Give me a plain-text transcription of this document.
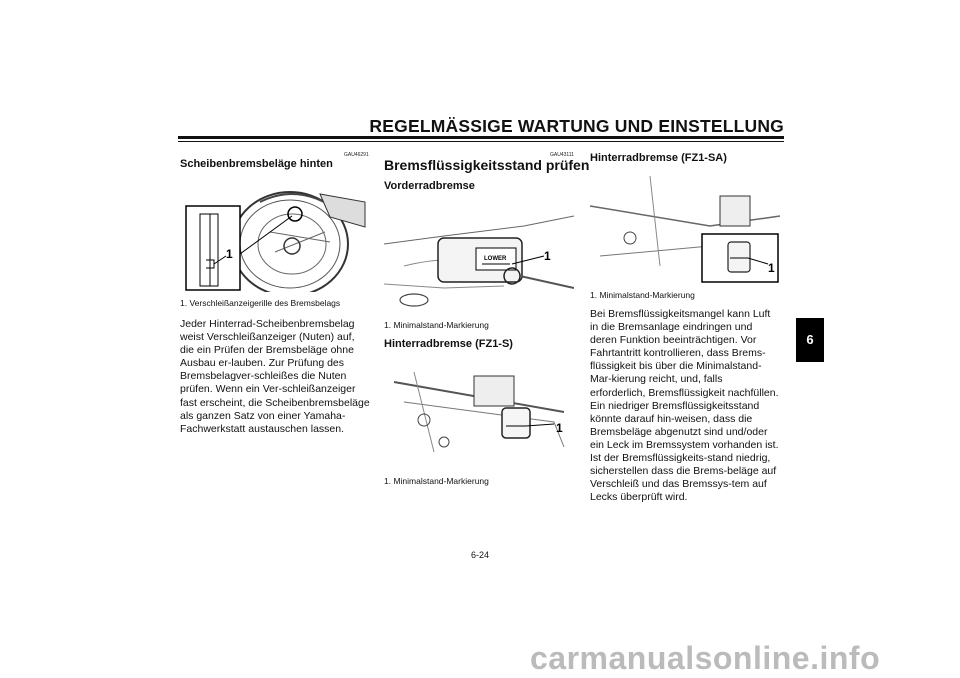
REGELMÄSSIGE WARTUNG UND EINSTELLUNG
GAU46291
Scheibenbremsbeläge hinten
1
1. Verschleißanzeigerille des Bremsbelags
Jeder Hinterrad-Scheibenbremsbelag weist Verschleißanzeiger (Nuten) auf, die ein Prüfen der Bremsbeläge ohne Ausbau er-lauben. Zur Prüfung des Bremsbelagver-schleißes die Nuten prüfen. Wenn ein Ver-schleißanzeiger fast erscheint, die Scheibenbremsbeläge als ganzen Satz von einer Yamaha-Fachwerkstatt austauschen lassen.
GAU43111
Bremsflüssigkeitsstand prüfen
Vorderradbremse
LOWER	1
1. Minimalstand-Markierung
Hinterradbremse (FZ1-S)
1
1. Minimalstand-Markierung
Hinterradbremse (FZ1-SA)
1
1. Minimalstand-Markierung
Bei Bremsflüssigkeitsmangel kann Luft in die Bremsanlage eindringen und deren Funktion beeinträchtigen. Vor Fahrtantritt kontrollieren, dass Brems-flüssigkeit bis über die Minimalstand-Mar-kierung reicht, und, falls erforderlich, Bremsflüssigkeit nachfüllen. Ein niedriger Bremsflüssigkeitsstand könnte darauf hin-weisen, dass die Bremsbeläge abgenutzt sind und/oder ein Leck im Bremssystem vorhanden ist. Ist der Bremsflüssigkeits-stand niedrig, sicherstellen dass die Brems-beläge auf Verschleiß und das Bremssys-tem auf Lecks überprüft wird.
6
6-24
carmanualsonline.info
